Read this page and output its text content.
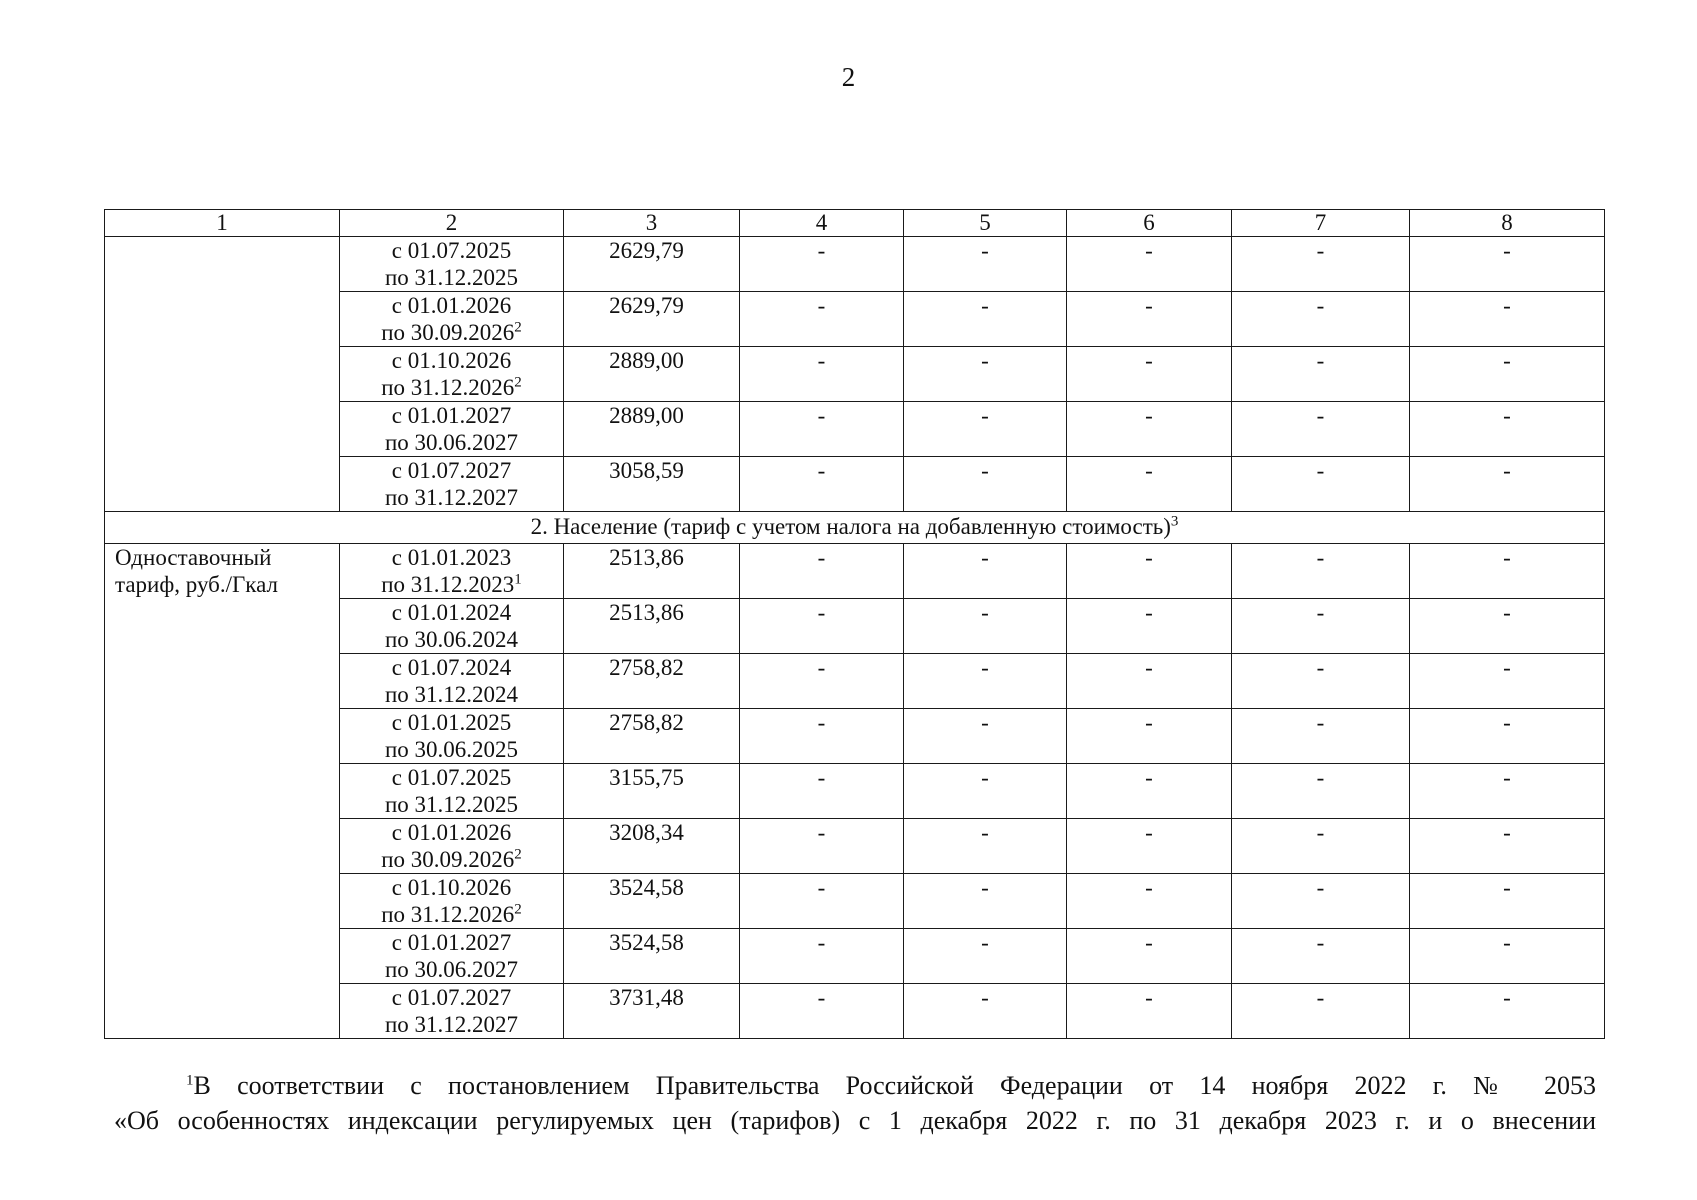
2
1	2	3	4	5	6	7	8

	с 01.07.2025
по 31.12.2025	2629,79	-	-	-	-	-

	с 01.01.2026
по 30.09.2026$^2$	2629,79	-	-	-	-	-

	с 01.10.2026
по 31.12.2026$^2$	2889,00	-	-	-	-	-

	с 01.01.2027
по 30.06.2027	2889,00	-	-	-	-	-

	с 01.07.2027
по 31.12.2027	3058,59	-	-	-	-	-
2. Население (тариф с учетом налога на добавленную стоимость)$^3$
Одноставочный тариф, руб./Гкал	с 01.01.2023
по 31.12.2023$^1$	2513,86	-	-	-	-	-

	с 01.01.2024
по 30.06.2024	2513,86	-	-	-	-	-

	с 01.07.2024
по 31.12.2024	2758,82	-	-	-	-	-

	с 01.01.2025
по 30.06.2025	2758,82	-	-	-	-	-

	с 01.07.2025
по 31.12.2025	3155,75	-	-	-	-	-

	с 01.01.2026
по 30.09.2026$^2$	3208,34	-	-	-	-	-

	с 01.10.2026
по 31.12.2026$^2$	3524,58	-	-	-	-	-

	с 01.01.2027
по 30.06.2027	3524,58	-	-	-	-	-

	с 01.07.2027
по 31.12.2027	3731,48	-	-	-	-	-

$^1$В соответствии с постановлением Правительства Российской Федерации от 14 ноября 2022 г. № 2053

«Об особенностях индексации регулируемых цен (тарифов) с 1 декабря 2022 г. по 31 декабря 2023 г. и о внесении
